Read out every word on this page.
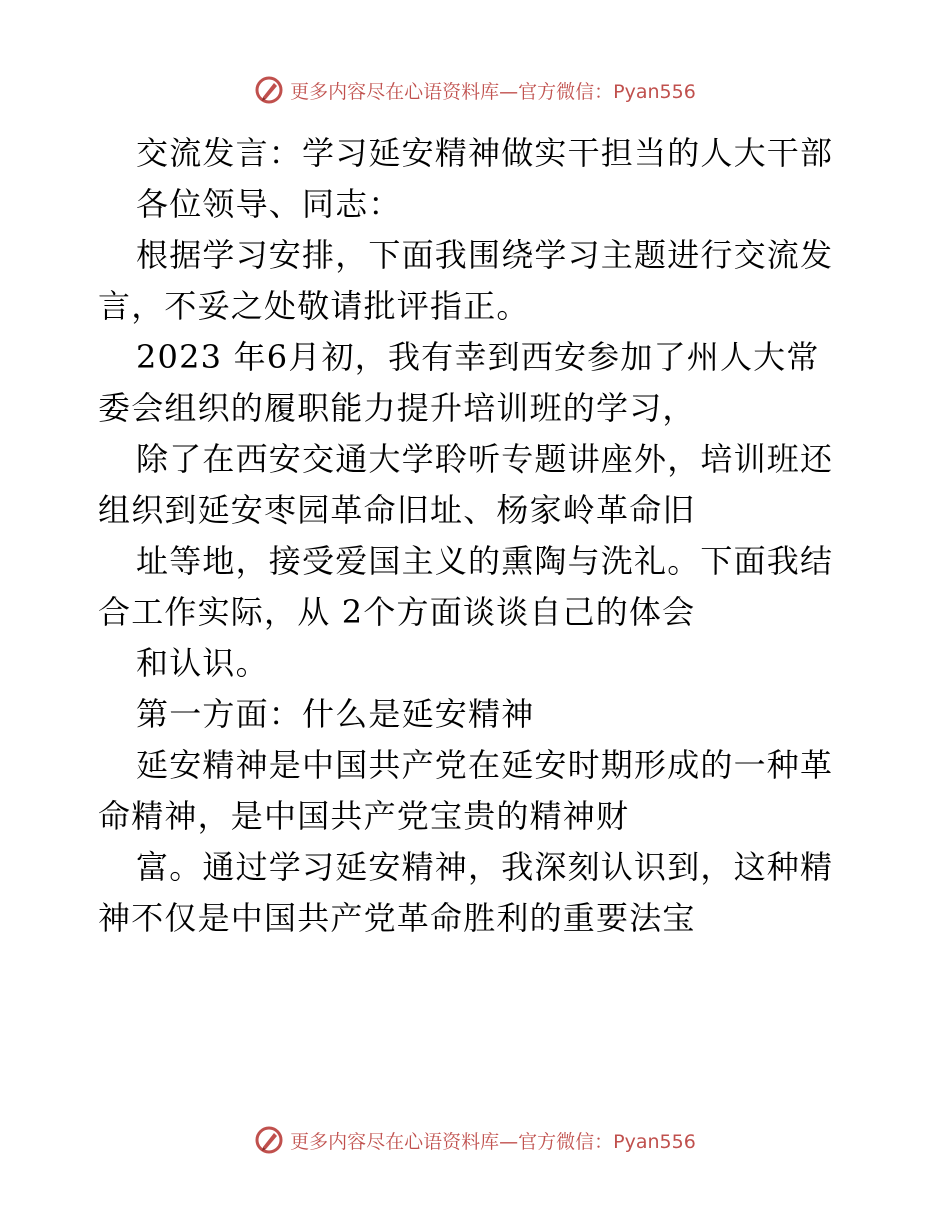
更多内容尽在心语资料库—官方微信：Pyan556
交流发言：学习延安精神做实干担当的人大干部
各位领导、同志：
根据学习安排，下面我围绕学习主题进行交流发
言，不妥之处敬请批评指正。
2023 年6月初，我有幸到西安参加了州人大常
委会组织的履职能力提升培训班的学习，
除了在西安交通大学聆听专题讲座外，培训班还
组织到延安枣园革命旧址、杨家岭革命旧
址等地，接受爱国主义的熏陶与洗礼。下面我结
合工作实际，从 2个方面谈谈自己的体会
和认识。
第一方面：什么是延安精神
延安精神是中国共产党在延安时期形成的一种革
命精神，是中国共产党宝贵的精神财
富。通过学习延安精神，我深刻认识到，这种精
神不仅是中国共产党革命胜利的重要法宝
更多内容尽在心语资料库—官方微信：Pyan556
